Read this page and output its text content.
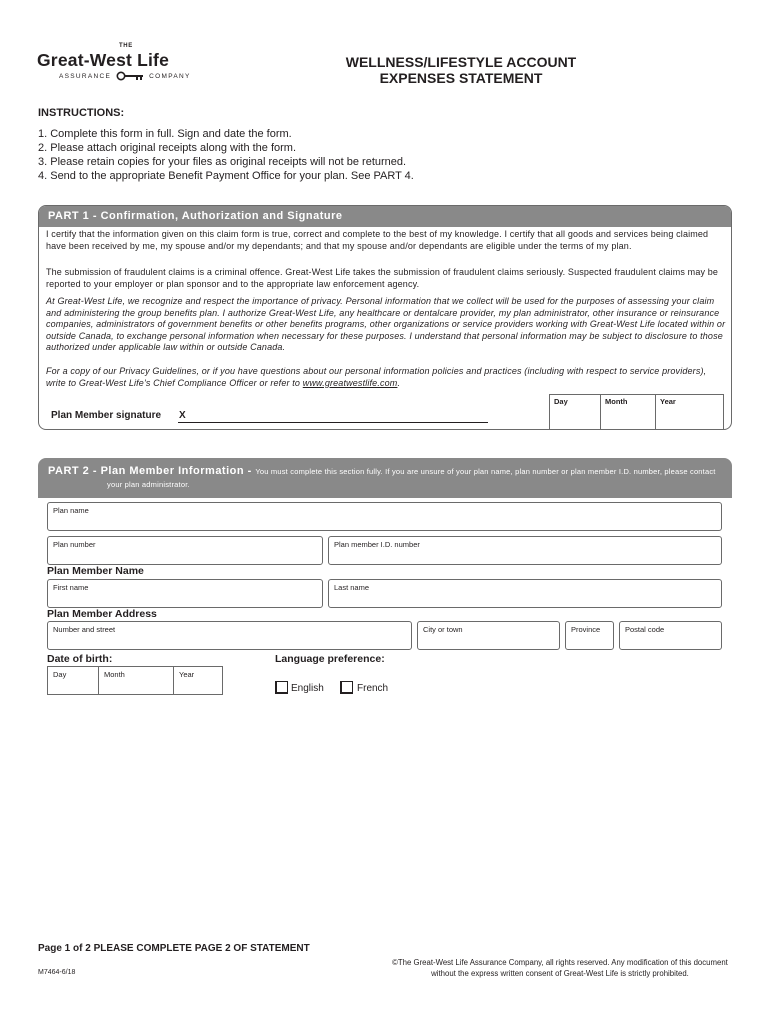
THE
Great-West Life
ASSURANCE	COMPANY
WELLNESS/LIFESTYLE ACCOUNT
EXPENSES STATEMENT
INSTRUCTIONS:
1. Complete this form in full. Sign and date the form.
2. Please attach original receipts along with the form.
3. Please retain copies for your files as original receipts will not be returned.
4. Send to the appropriate Benefit Payment Office for your plan. See PART 4.
PART 1 - Confirmation, Authorization and Signature

I certify that the information given on this claim form is true, correct and complete to the best of my knowledge. I certify that all goods and services being claimed have been received by me, my spouse and/or my dependants; and that my spouse and/or dependants are eligible under the terms of my plan.

The submission of fraudulent claims is a criminal offence. Great-West Life takes the submission of fraudulent claims seriously. Suspected fraudulent claims may be reported to your employer or plan sponsor and to the appropriate law enforcement agency.

At Great-West Life, we recognize and respect the importance of privacy. Personal information that we collect will be used for the purposes of assessing your claim and administering the group benefits plan. I authorize Great-West Life, any healthcare or dentalcare provider, my plan administrator, other insurance or reinsurance companies, administrators of government benefits or other benefits programs, other organizations or service providers working with Great-West Life located within or outside Canada, to exchange personal information when necessary for these purposes. I understand that personal information may be subject to disclosure to those authorized under applicable law within or outside Canada.

For a copy of our Privacy Guidelines, or if you have questions about our personal information policies and practices (including with respect to service providers), write to Great-West Life's Chief Compliance Officer or refer to www.greatwestlife.com.

Plan Member signature X
Day	Month	Year
PART 2 - Plan Member Information - You must complete this section fully. If you are unsure of your plan name, plan number or plan member I.D. number, please contact your plan administrator.
Plan name
Plan number	Plan member I.D. number
Plan Member Name
First name	Last name
Plan Member Address
Number and street	City or town	Province	Postal code
Date of birth:
Day	Month	Year
Language preference:
English	French
Page 1 of 2 PLEASE COMPLETE PAGE 2 OF STATEMENT
M7464-6/18
©The Great-West Life Assurance Company, all rights reserved. Any modification of this document without the express written consent of Great-West Life is strictly prohibited.
